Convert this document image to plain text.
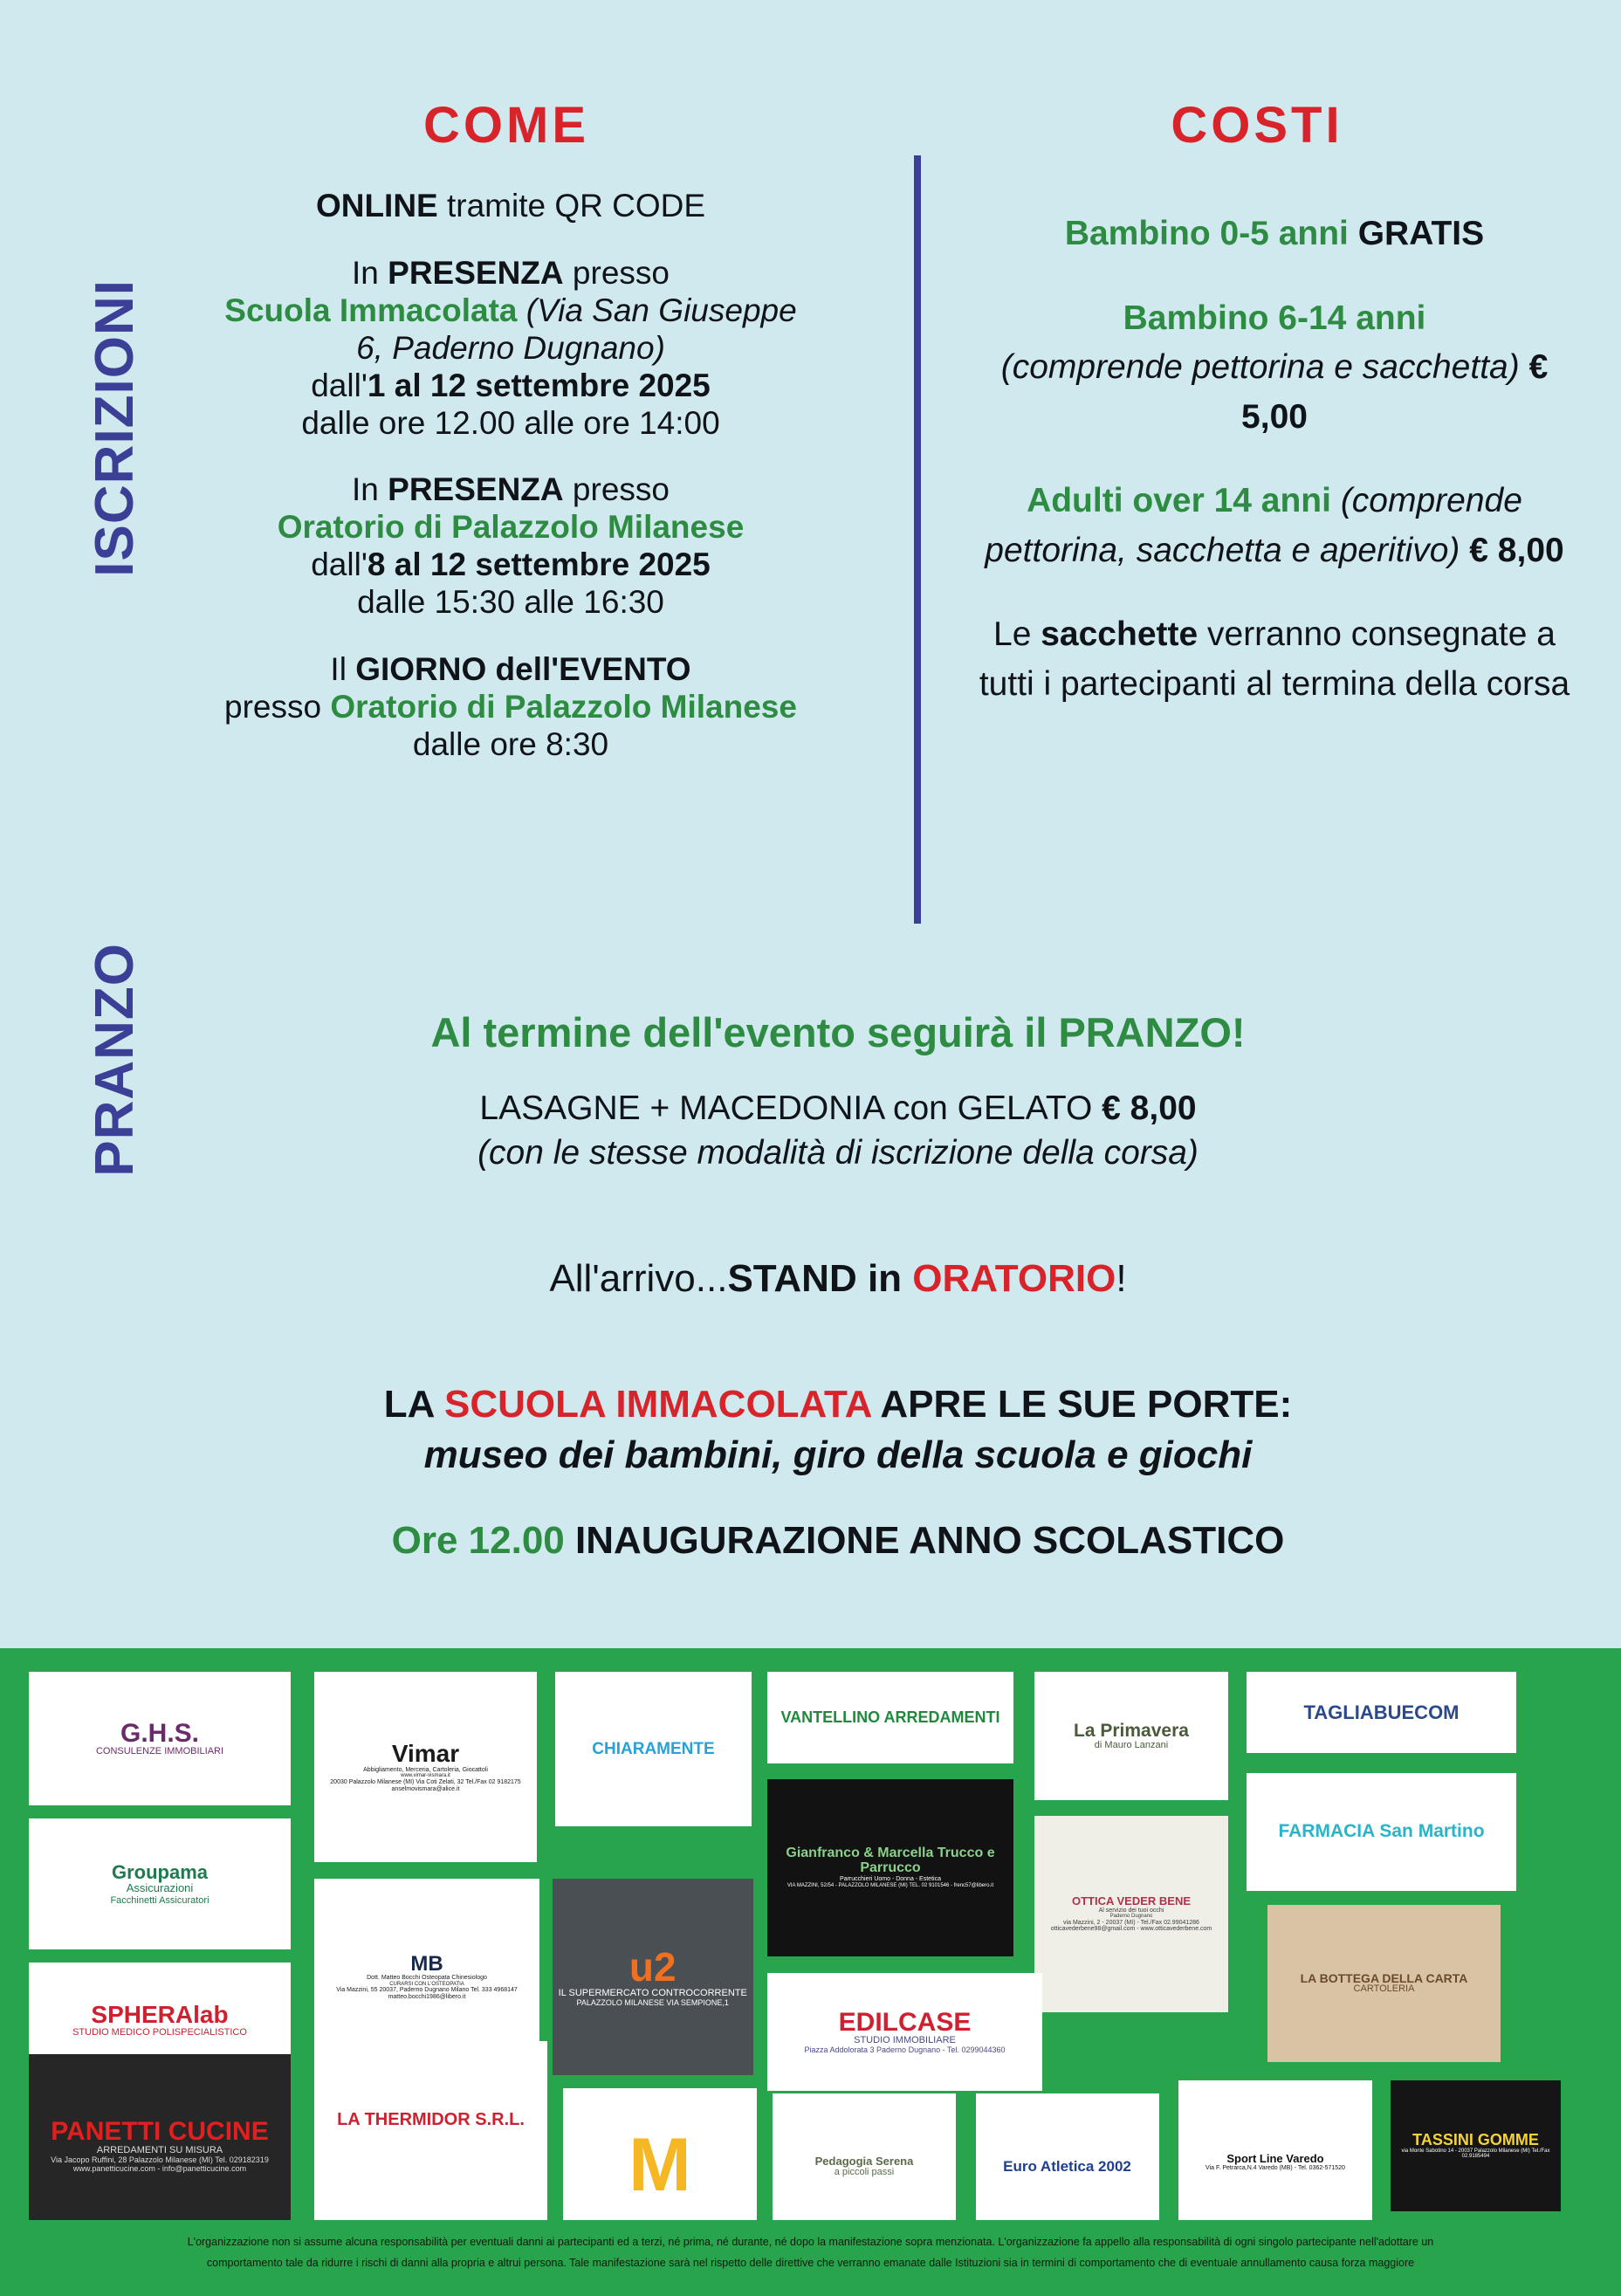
ISCRIZIONI
PRANZO
COME	COSTI
ONLINE tramite QR CODE
In PRESENZA presso
Scuola Immacolata (Via San Giuseppe 6, Paderno Dugnano)
dall'1 al 12 settembre 2025
dalle ore 12.00 alle ore 14:00
In PRESENZA presso
Oratorio di Palazzolo Milanese
dall'8 al 12 settembre 2025
dalle 15:30 alle 16:30
Il GIORNO dell'EVENTO
presso Oratorio di Palazzolo Milanese dalle ore 8:30
Bambino 0-5 anni GRATIS
Bambino 6-14 anni
(comprende pettorina e sacchetta) € 5,00
Adulti over 14 anni (comprende pettorina, sacchetta e aperitivo) € 8,00
Le sacchette verranno consegnate a tutti i partecipanti al termina della corsa
Al termine dell'evento seguirà il PRANZO!
LASAGNE + MACEDONIA con GELATO € 8,00
(con le stesse modalità di iscrizione della corsa)
All'arrivo...STAND in ORATORIO!
LA SCUOLA IMMACOLATA APRE LE SUE PORTE:
museo dei bambini, giro della scuola e giochi
Ore 12.00 INAUGURAZIONE ANNO SCOLASTICO
G.H.S.
CONSULENZE IMMOBILIARI	Vimar
Abbigliamento, Merceria, Cartoleria, Giocattoli
www.vimar-vismara.it
20030 Palazzolo Milanese (MI) Via Coti Zelati, 32 Tel./Fax 02 9182175 anselmovismara@alice.it
CHIARAMENTE
VANTELLINO ARREDAMENTI
La Primavera
di Mauro Lanzani
TAGLIABUECOM
Groupama
Assicurazioni
Facchinetti Assicuratori
MB
Dott. Matteo Bocchi Osteopata Chinesiologo
CURARSI CON L'OSTEOPATIA
Via Mazzini, 55 20037, Paderno Dugnano Milano Tel. 333 4968147 matteo.bocchi1986@libero.it
Gianfranco & Marcella Trucco e Parrucco
Parrucchieri Uomo - Donna - Estetica
VIA MAZZINI, 52/54 - PALAZZOLO MILANESE (MI) TEL. 02 9101546 - frenc57@libero.it
OTTICA VEDER BENE
Al servizio dei tuoi occhi
Paderno Dugnano
via Mazzini, 2 - 20037 (MI) - Tel./Fax 02.99041286 otticavederbene98@gmail.com - www.otticavederbene.com
FARMACIA San Martino
SPHERAlab
STUDIO MEDICO POLISPECIALISTICO
u2
IL SUPERMERCATO CONTROCORRENTE
PALAZZOLO MILANESE VIA SEMPIONE,1
EDILCASE
STUDIO IMMOBILIARE
Piazza Addolorata 3 Paderno Dugnano - Tel. 0299044360
LA BOTTEGA DELLA CARTA
CARTOLERIA
PANETTI CUCINE
ARREDAMENTI SU MISURA
Via Jacopo Ruffini, 28 Palazzolo Milanese (MI) Tel. 029182319 www.panetticucine.com - info@panetticucine.com
LA THERMIDOR S.R.L.
IDROTERMOSANITARI - ACCESSORI BAGNO
Antincendio • Implantistica • Attrezzatura • Irrigazione • Riscaldamento • Condizionamento • Ausili per disabili • Energie alternative • Fotovoltaico • Pannelli solari • Arredo Bagno e docce • Sanitari e Vasche
PADERNO DUGNANO - Via Arnesano, 3 - Loc. Palazzolo Tel. 02.9184155 - Fax 02.91084025 - www.thermidor.it E-mail: info@thermidor.it	M	Pedagogia Serena
a piccoli passi	Euro Atletica 2002	Sport Line Varedo
Via F. Petrarca,N.4 Varedo (MB) - Tel. 0362-571520
TASSINI GOMME
via Monte Sabotino 14 - 20037 Palazzolo Milanese (MI) Tel./Fax 02.9185494
L'organizzazione non si assume alcuna responsabilità per eventuali danni ai partecipanti ed a terzi, né prima, né durante, né dopo la manifestazione sopra menzionata. L'organizzazione fa appello alla responsabilità di ogni singolo partecipante nell'adottare un
comportamento tale da ridurre i rischi di danni alla propria e altrui persona. Tale manifestazione sarà nel rispetto delle direttive che verranno emanate dalle Istituzioni sia in termini di comportamento che di eventuale annullamento causa forza maggiore
